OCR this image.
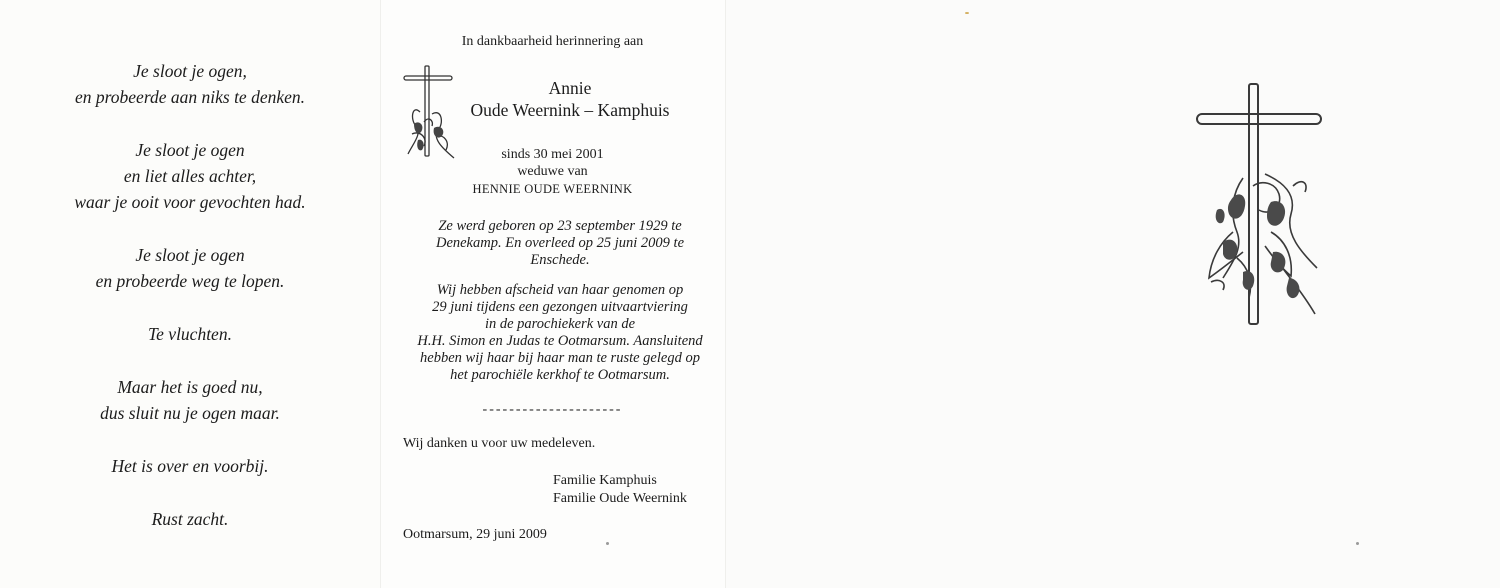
Je sloot je ogen,
en probeerde aan niks te denken.
Je sloot je ogen
en liet alles achter,
waar je ooit voor gevochten had.
Je sloot je ogen
en probeerde weg te lopen.
Te vluchten.
Maar het is goed nu,
dus sluit nu je ogen maar.
Het is over en voorbij.
Rust zacht.
In dankbaarheid herinnering aan
Annie
Oude Weernink – Kamphuis
sinds 30 mei 2001
weduwe van
HENNIE OUDE WEERNINK
Ze werd geboren op 23 september 1929 te
Denekamp. En overleed op 25 juni 2009 te
Enschede.
Wij hebben afscheid van haar genomen op
29 juni tijdens een gezongen uitvaartviering
in de parochiekerk van de
H.H. Simon en Judas te Ootmarsum. Aansluitend
hebben wij haar bij haar man te ruste gelegd op
het parochiële kerkhof te Ootmarsum.
---------------------
Wij danken u voor uw medeleven.
Familie Kamphuis
Familie Oude Weernink
Ootmarsum, 29 juni 2009
